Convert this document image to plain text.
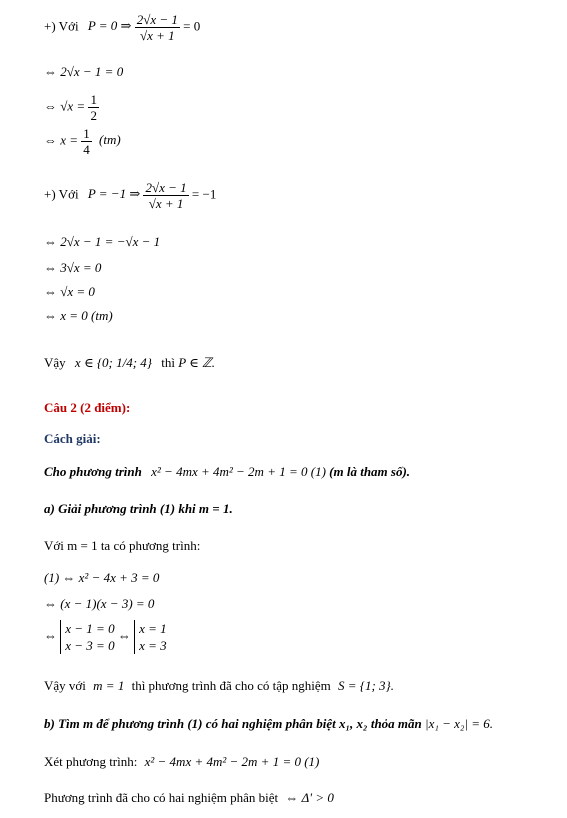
+) Với P = 0 ⇒ $\frac{2√x - 1}{√x + 1} = 0$
⇔ 2√x − 1 = 0
⇔ $√x = \frac{1}{2}$
⇔ $x = \frac{1}{4} (tm)$
+) Với P = −1 ⇒ $\frac{2√x - 1}{√x + 1} = -1$
⇔ 2√x − 1 = −√x − 1
⇔ 3√x = 0
⇔ √x = 0
⇔ x = 0 (tm)
Vậy x ∈ {0; 1/4; 4} thì P ∈ ℤ.
Câu 2 (2 điểm):
Cách giải:
Cho phương trình x² − 4mx + 4m² − 2m + 1 = 0 (1) (m là tham số).
a) Giải phương trình (1) khi m = 1.
Với m = 1 ta có phương trình:
(1) ⇔ x² − 4x + 3 = 0
⇔ (x − 1)(x − 3) = 0
⇔ x − 1 = 0
x − 3 = 0
⇔ x = 1
x = 3
Vậy với m = 1 thì phương trình đã cho có tập nghiệm S = {1; 3}.
b) Tìm m để phương trình (1) có hai nghiệm phân biệt x₁, x₂ thỏa mãn |x₁ − x₂| = 6.
Xét phương trình: x² − 4mx + 4m² − 2m + 1 = 0 (1)
Phương trình đã cho có hai nghiệm phân biệt ⇔ Δ' > 0
